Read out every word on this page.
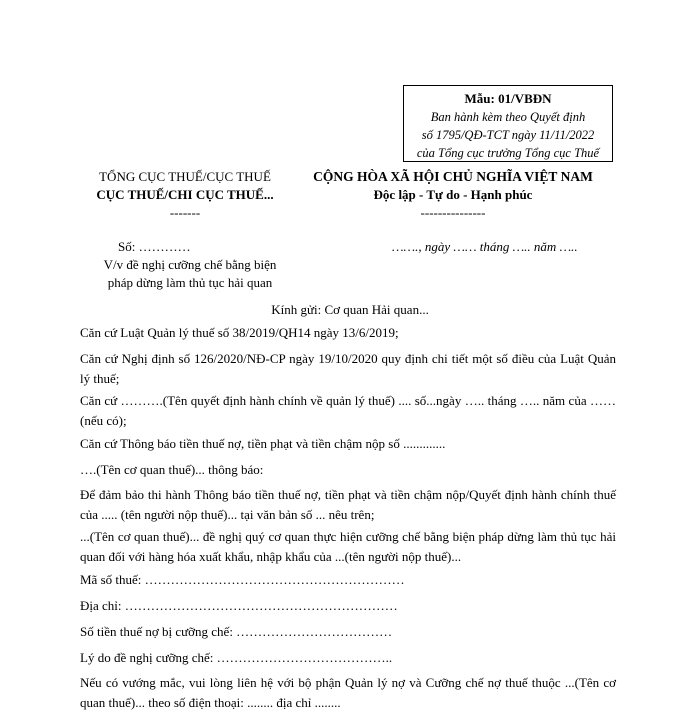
Mẫu: 01/VBĐN
Ban hành kèm theo Quyết định
số 1795/QĐ-TCT ngày 11/11/2022
của Tổng cục trưởng Tổng cục Thuế
TỔNG CỤC THUẾ/CỤC THUẾ
CỤC THUẾ/CHI CỤC THUẾ...
-------
CỘNG HÒA XÃ HỘI CHỦ NGHĨA VIỆT NAM
Độc lập - Tự do - Hạnh phúc
---------------
Số: …………	……., ngày …… tháng ….. năm …..
V/v đề nghị cưỡng chế bằng biện
pháp dừng làm thủ tục hải quan
Kính gửi: Cơ quan Hải quan...
Căn cứ Luật Quản lý thuế số 38/2019/QH14 ngày 13/6/2019;
Căn cứ Nghị định số 126/2020/NĐ-CP ngày 19/10/2020 quy định chi tiết một số điều của Luật Quản lý thuế;
Căn cứ ……….(Tên quyết định hành chính về quản lý thuế) .... số...ngày ….. tháng ….. năm của …… (nếu có);
Căn cứ Thông báo tiền thuế nợ, tiền phạt và tiền chậm nộp số .............
….(Tên cơ quan thuế)... thông báo:
Để đảm bảo thi hành Thông báo tiền thuế nợ, tiền phạt và tiền chậm nộp/Quyết định hành chính thuế của ..... (tên người nộp thuế)... tại văn bản số ... nêu trên;
...(Tên cơ quan thuế)... đề nghị quý cơ quan thực hiện cưỡng chế bằng biện pháp dừng làm thủ tục hải quan đối với hàng hóa xuất khẩu, nhập khẩu của ...(tên người nộp thuế)...
Mã số thuế: ……………………………………………………
Địa chỉ: ………………………………………………………
Số tiền thuế nợ bị cưỡng chế: ………………………………
Lý do đề nghị cưỡng chế: …………………………………..
Nếu có vướng mắc, vui lòng liên hệ với bộ phận Quản lý nợ và Cưỡng chế nợ thuế thuộc ...(Tên cơ quan thuế)... theo số điện thoại: ........ địa chỉ ........
